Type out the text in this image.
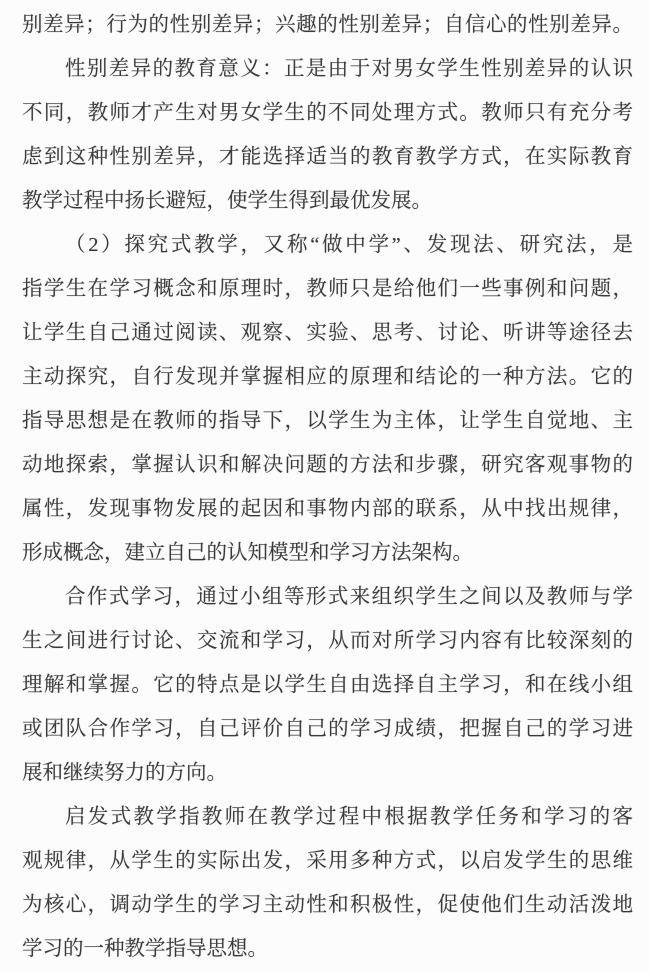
别差异；行为的性别差异；兴趣的性别差异；自信心的性别差异。
性别差异的教育意义：正是由于对男女学生性别差异的认识
不同，教师才产生对男女学生的不同处理方式。教师只有充分考
虑到这种性别差异，才能选择适当的教育教学方式，在实际教育
教学过程中扬长避短，使学生得到最优发展。
（2）探究式教学，又称“做中学”、发现法、研究法，是
指学生在学习概念和原理时，教师只是给他们一些事例和问题，
让学生自己通过阅读、观察、实验、思考、讨论、听讲等途径去
主动探究，自行发现并掌握相应的原理和结论的一种方法。它的
指导思想是在教师的指导下，以学生为主体，让学生自觉地、主
动地探索，掌握认识和解决问题的方法和步骤，研究客观事物的
属性，发现事物发展的起因和事物内部的联系，从中找出规律，
形成概念，建立自己的认知模型和学习方法架构。
合作式学习，通过小组等形式来组织学生之间以及教师与学
生之间进行讨论、交流和学习，从而对所学习内容有比较深刻的
理解和掌握。它的特点是以学生自由选择自主学习，和在线小组
或团队合作学习，自己评价自己的学习成绩，把握自己的学习进
展和继续努力的方向。
启发式教学指教师在教学过程中根据教学任务和学习的客
观规律，从学生的实际出发，采用多种方式，以启发学生的思维
为核心，调动学生的学习主动性和积极性，促使他们生动活泼地
学习的一种教学指导思想。
